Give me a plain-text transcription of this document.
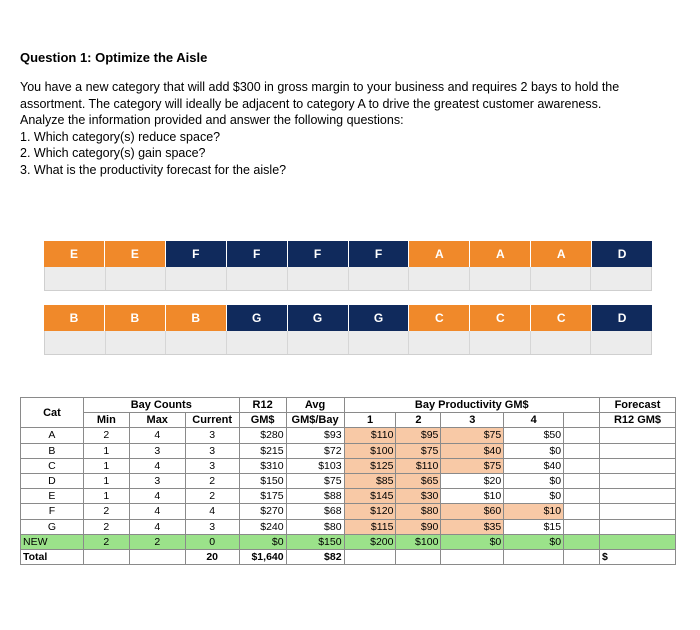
Question 1: Optimize the Aisle

You have a new category that will add $300 in gross margin to your business and requires 2 bays to hold the

assortment. The category will ideally be adjacent to category A to drive the greatest customer awareness.

Analyze the information provided and answer the following questions:

1. Which category(s) reduce space?

2. Which category(s) gain space?

3. What is the productivity forecast for the aisle?

E	E	F	F	F	F	A	A	A	D
B	B	B	G	G	G	C	C	C	D
Cat	Bay Counts			R12	Avg	Bay Productivity GM$					Forecast
	Min	Max	Current	GM$	GM$/Bay	1	2	3	4		R12 GM$
A	2	4	3	$280	$93	$110	$95	$75	$50		
B	1	3	3	$215	$72	$100	$75	$40	$0		
C	1	4	3	$310	$103	$125	$110	$75	$40		
D	1	3	2	$150	$75	$85	$65	$20	$0		
E	1	4	2	$175	$88	$145	$30	$10	$0		
F	2	4	4	$270	$68	$120	$80	$60	$10		
G	2	4	3	$240	$80	$115	$90	$35	$15		
NEW	2	2	0	$0	$150	$200	$100	$0	$0		
Total			20	$1,640	$82						$
